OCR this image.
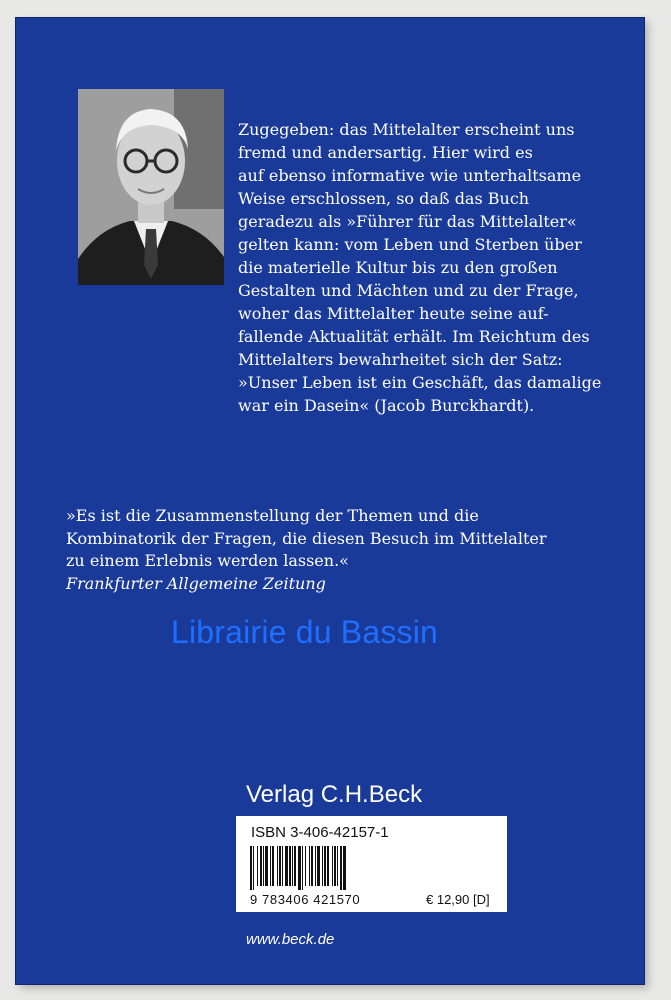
Zugegeben: das Mittelalter erscheint uns
fremd und andersartig. Hier wird es
auf ebenso informative wie unterhaltsame
Weise erschlossen, so daß das Buch
geradezu als »Führer für das Mittelalter«
gelten kann: vom Leben und Sterben über
die materielle Kultur bis zu den großen
Gestalten und Mächten und zu der Frage,
woher das Mittelalter heute seine auf-
fallende Aktualität erhält. Im Reichtum des
Mittelalters bewahrheitet sich der Satz:
»Unser Leben ist ein Geschäft, das damalige
war ein Dasein« (Jacob Burckhardt).

»Es ist die Zusammenstellung der Themen und die
Kombinatorik der Fragen, die diesen Besuch im Mittelalter
zu einem Erlebnis werden lassen.«
Frankfurter Allgemeine Zeitung
Librairie du Bassin
Verlag C.H.Beck
ISBN 3-406-42157-1
9 783406 421570	€ 12,90 [D]
www.beck.de
